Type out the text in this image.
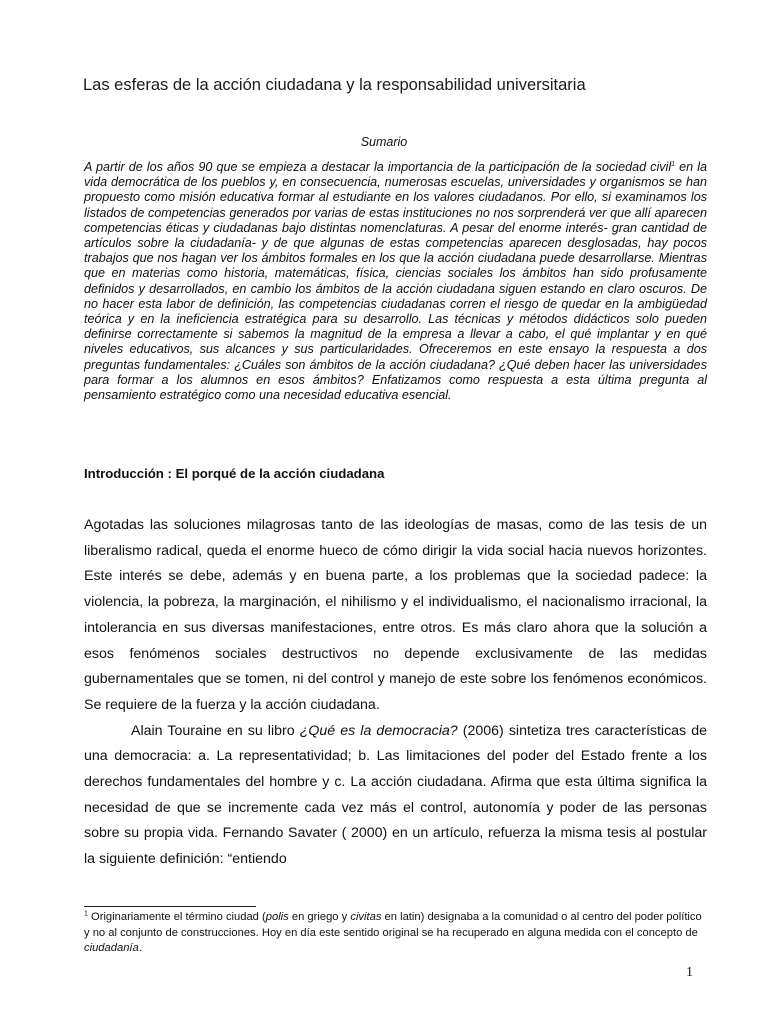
Las esferas de la acción ciudadana y la responsabilidad universitaria

Sumario

A partir de los años 90 que se empieza a destacar la importancia de la participación de la sociedad civil$^1$ en la vida democrática de los pueblos y, en consecuencia, numerosas escuelas, universidades y organismos se han propuesto como misión educativa formar al estudiante en los valores ciudadanos. Por ello, si examinamos los listados de competencias generados por varias de estas instituciones no nos sorprenderá ver que allí aparecen competencias éticas y ciudadanas bajo distintas nomenclaturas. A pesar del enorme interés- gran cantidad de artículos sobre la ciudadanía- y de que algunas de estas competencias aparecen desglosadas, hay pocos trabajos que nos hagan ver los ámbitos formales en los que la acción ciudadana puede desarrollarse. Mientras que en materias como historia, matemáticas, física, ciencias sociales los ámbitos han sido profusamente definidos y desarrollados, en cambio los ámbitos de la acción ciudadana siguen estando en claro oscuros. De no hacer esta labor de definición, las competencias ciudadanas corren el riesgo de quedar en la ambigüedad teórica y en la ineficiencia estratégica para su desarrollo. Las técnicas y métodos didácticos solo pueden definirse correctamente si sabemos la magnitud de la empresa a llevar a cabo, el qué implantar y en qué niveles educativos, sus alcances y sus particularidades. Ofreceremos en este ensayo la respuesta a dos preguntas fundamentales: ¿Cuáles son ámbitos de la acción ciudadana? ¿Qué deben hacer las universidades para formar a los alumnos en esos ámbitos? Enfatizamos como respuesta a esta última pregunta al pensamiento estratégico como una necesidad educativa esencial.

Introducción : El porqué de la acción ciudadana

Agotadas las soluciones milagrosas tanto de las ideologías de masas, como de las tesis de un liberalismo radical, queda el enorme hueco de cómo dirigir la vida social hacia nuevos horizontes. Este interés se debe, además y en buena parte, a los problemas que la sociedad padece: la violencia, la pobreza, la marginación, el nihilismo y el individualismo, el nacionalismo irracional, la intolerancia en sus diversas manifestaciones, entre otros. Es más claro ahora que la solución a esos fenómenos sociales destructivos no depende exclusivamente de las medidas gubernamentales que se tomen, ni del control y manejo de este sobre los fenómenos económicos. Se requiere de la fuerza y la acción ciudadana.

Alain Touraine en su libro ¿Qué es la democracia? (2006) sintetiza tres características de una democracia: a. La representatividad; b. Las limitaciones del poder del Estado frente a los derechos fundamentales del hombre y c. La acción ciudadana. Afirma que esta última significa la necesidad de que se incremente cada vez más el control, autonomía y poder de las personas sobre su propia vida. Fernando Savater ( 2000) en un artículo, refuerza la misma tesis al postular la siguiente definición: “entiendo

$^1$ Originariamente el término ciudad (polis en griego y civitas en latin) designaba a la comunidad o al centro del poder político y no al conjunto de construcciones. Hoy en día este sentido original se ha recuperado en alguna medida con el concepto de ciudadanía.

1
